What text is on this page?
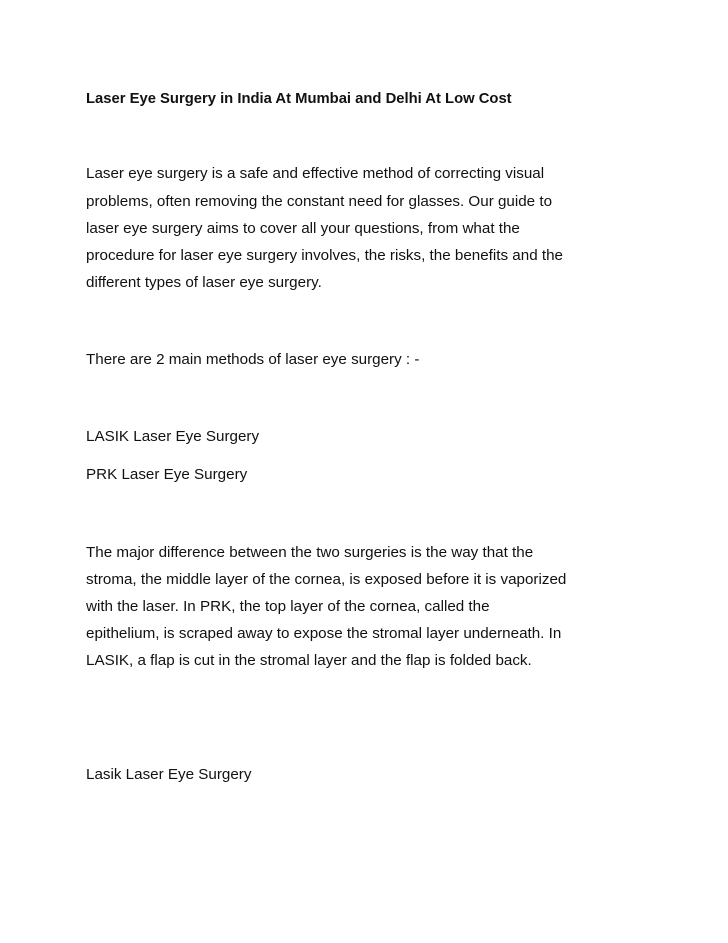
Laser Eye Surgery in India At Mumbai and Delhi At Low Cost
Laser eye surgery is a safe and effective method of correcting visual
problems, often removing the constant need for glasses. Our guide to
laser eye surgery aims to cover all your questions, from what the
procedure for laser eye surgery involves, the risks, the benefits and the
different types of laser eye surgery.
There are 2 main methods of laser eye surgery : -
LASIK Laser Eye Surgery
PRK Laser Eye Surgery
The major difference between the two surgeries is the way that the
stroma, the middle layer of the cornea, is exposed before it is vaporized
with the laser. In PRK, the top layer of the cornea, called the
epithelium, is scraped away to expose the stromal layer underneath. In
LASIK, a flap is cut in the stromal layer and the flap is folded back.
Lasik Laser Eye Surgery
